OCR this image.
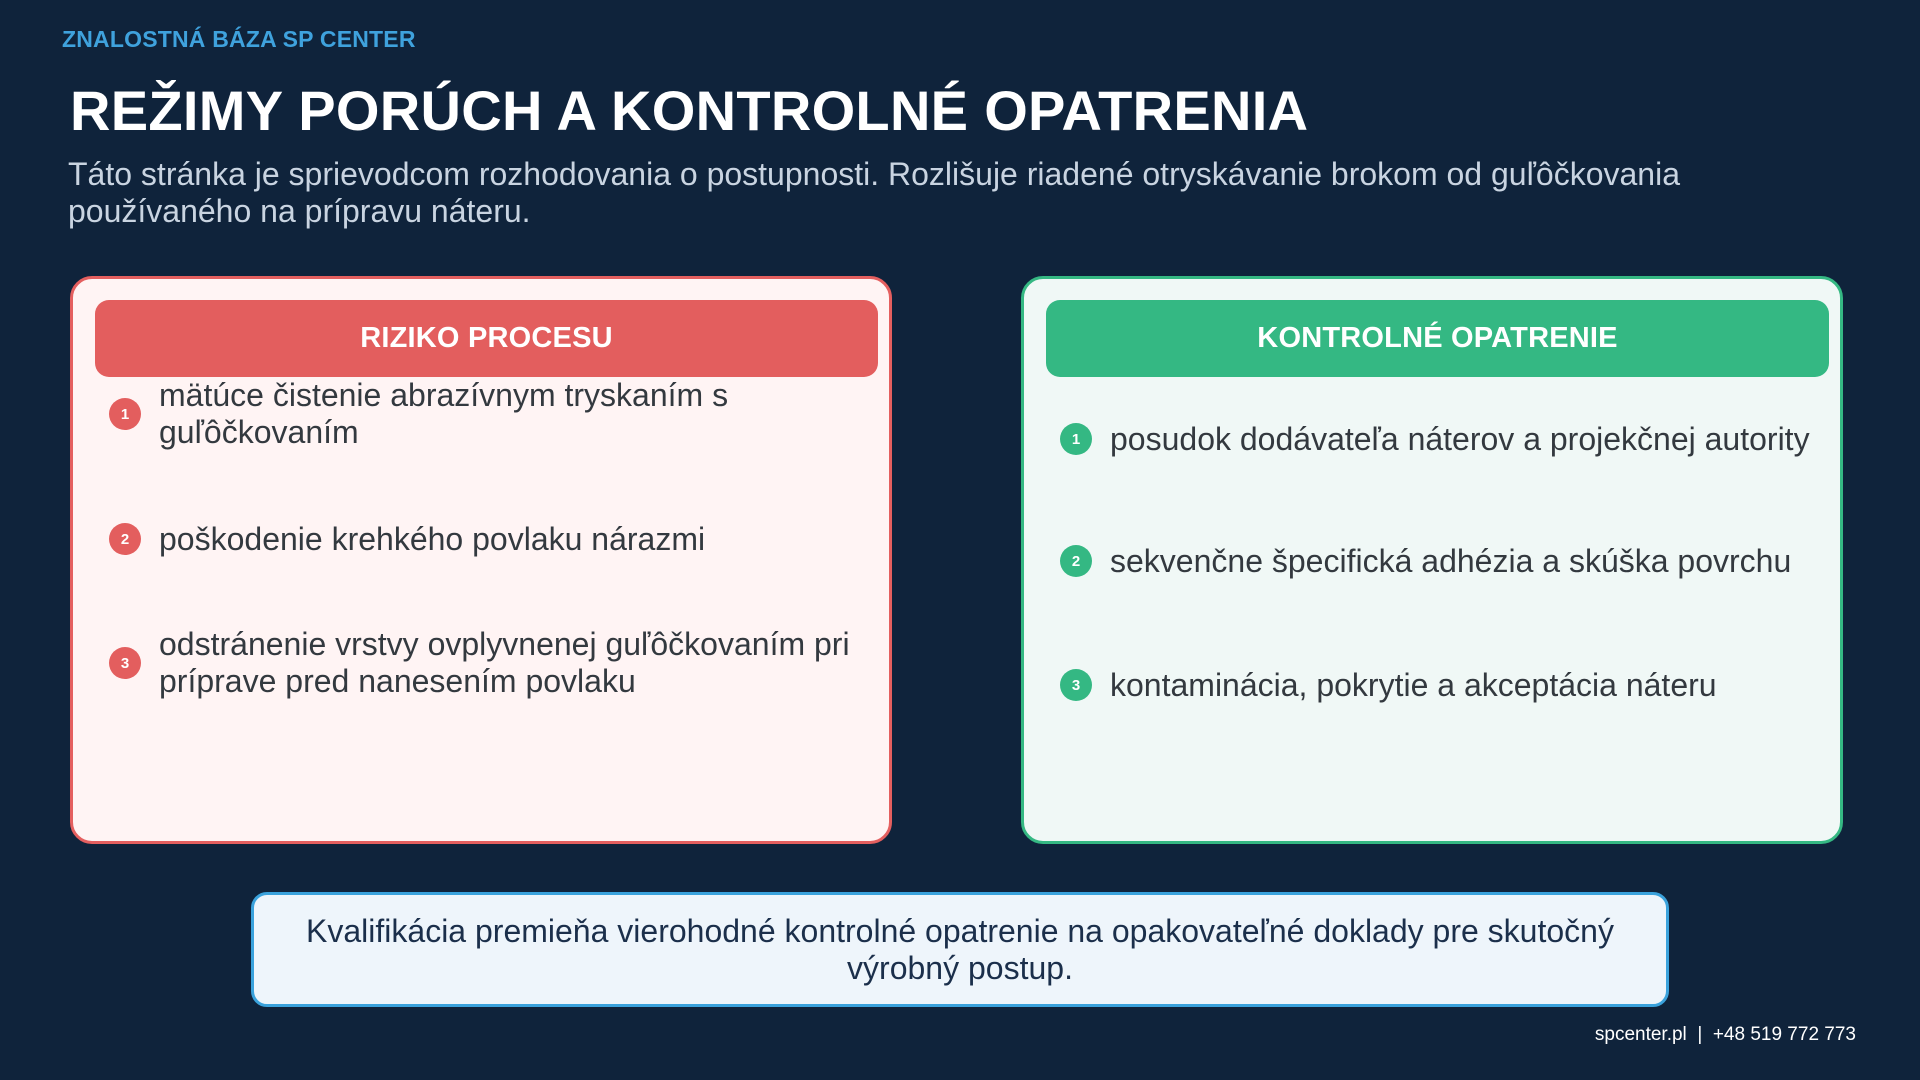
ZNALOSTNÁ BÁZA SP CENTER
REŽIMY PORÚCH A KONTROLNÉ OPATRENIA

Táto stránka je sprievodcom rozhodovania o postupnosti. Rozlišuje riadené otryskávanie brokom od guľôčkovania používaného na prípravu náteru.

RIZIKO PROCESU
1
mätúce čistenie abrazívnym tryskaním s guľôčkovaním
2 poškodenie krehkého povlaku nárazmi
3
odstránenie vrstvy ovplyvnenej guľôčkovaním pri príprave pred nanesením povlaku
KONTROLNÉ OPATRENIE
1 posudok dodávateľa náterov a projekčnej autority
2 sekvenčne špecifická adhézia a skúška povrchu
3 kontaminácia, pokrytie a akceptácia náteru
Kvalifikácia premieňa vierohodné kontrolné opatrenie na opakovateľné doklady pre skutočný výrobný postup.
spcenter.pl  |  +48 519 772 773
